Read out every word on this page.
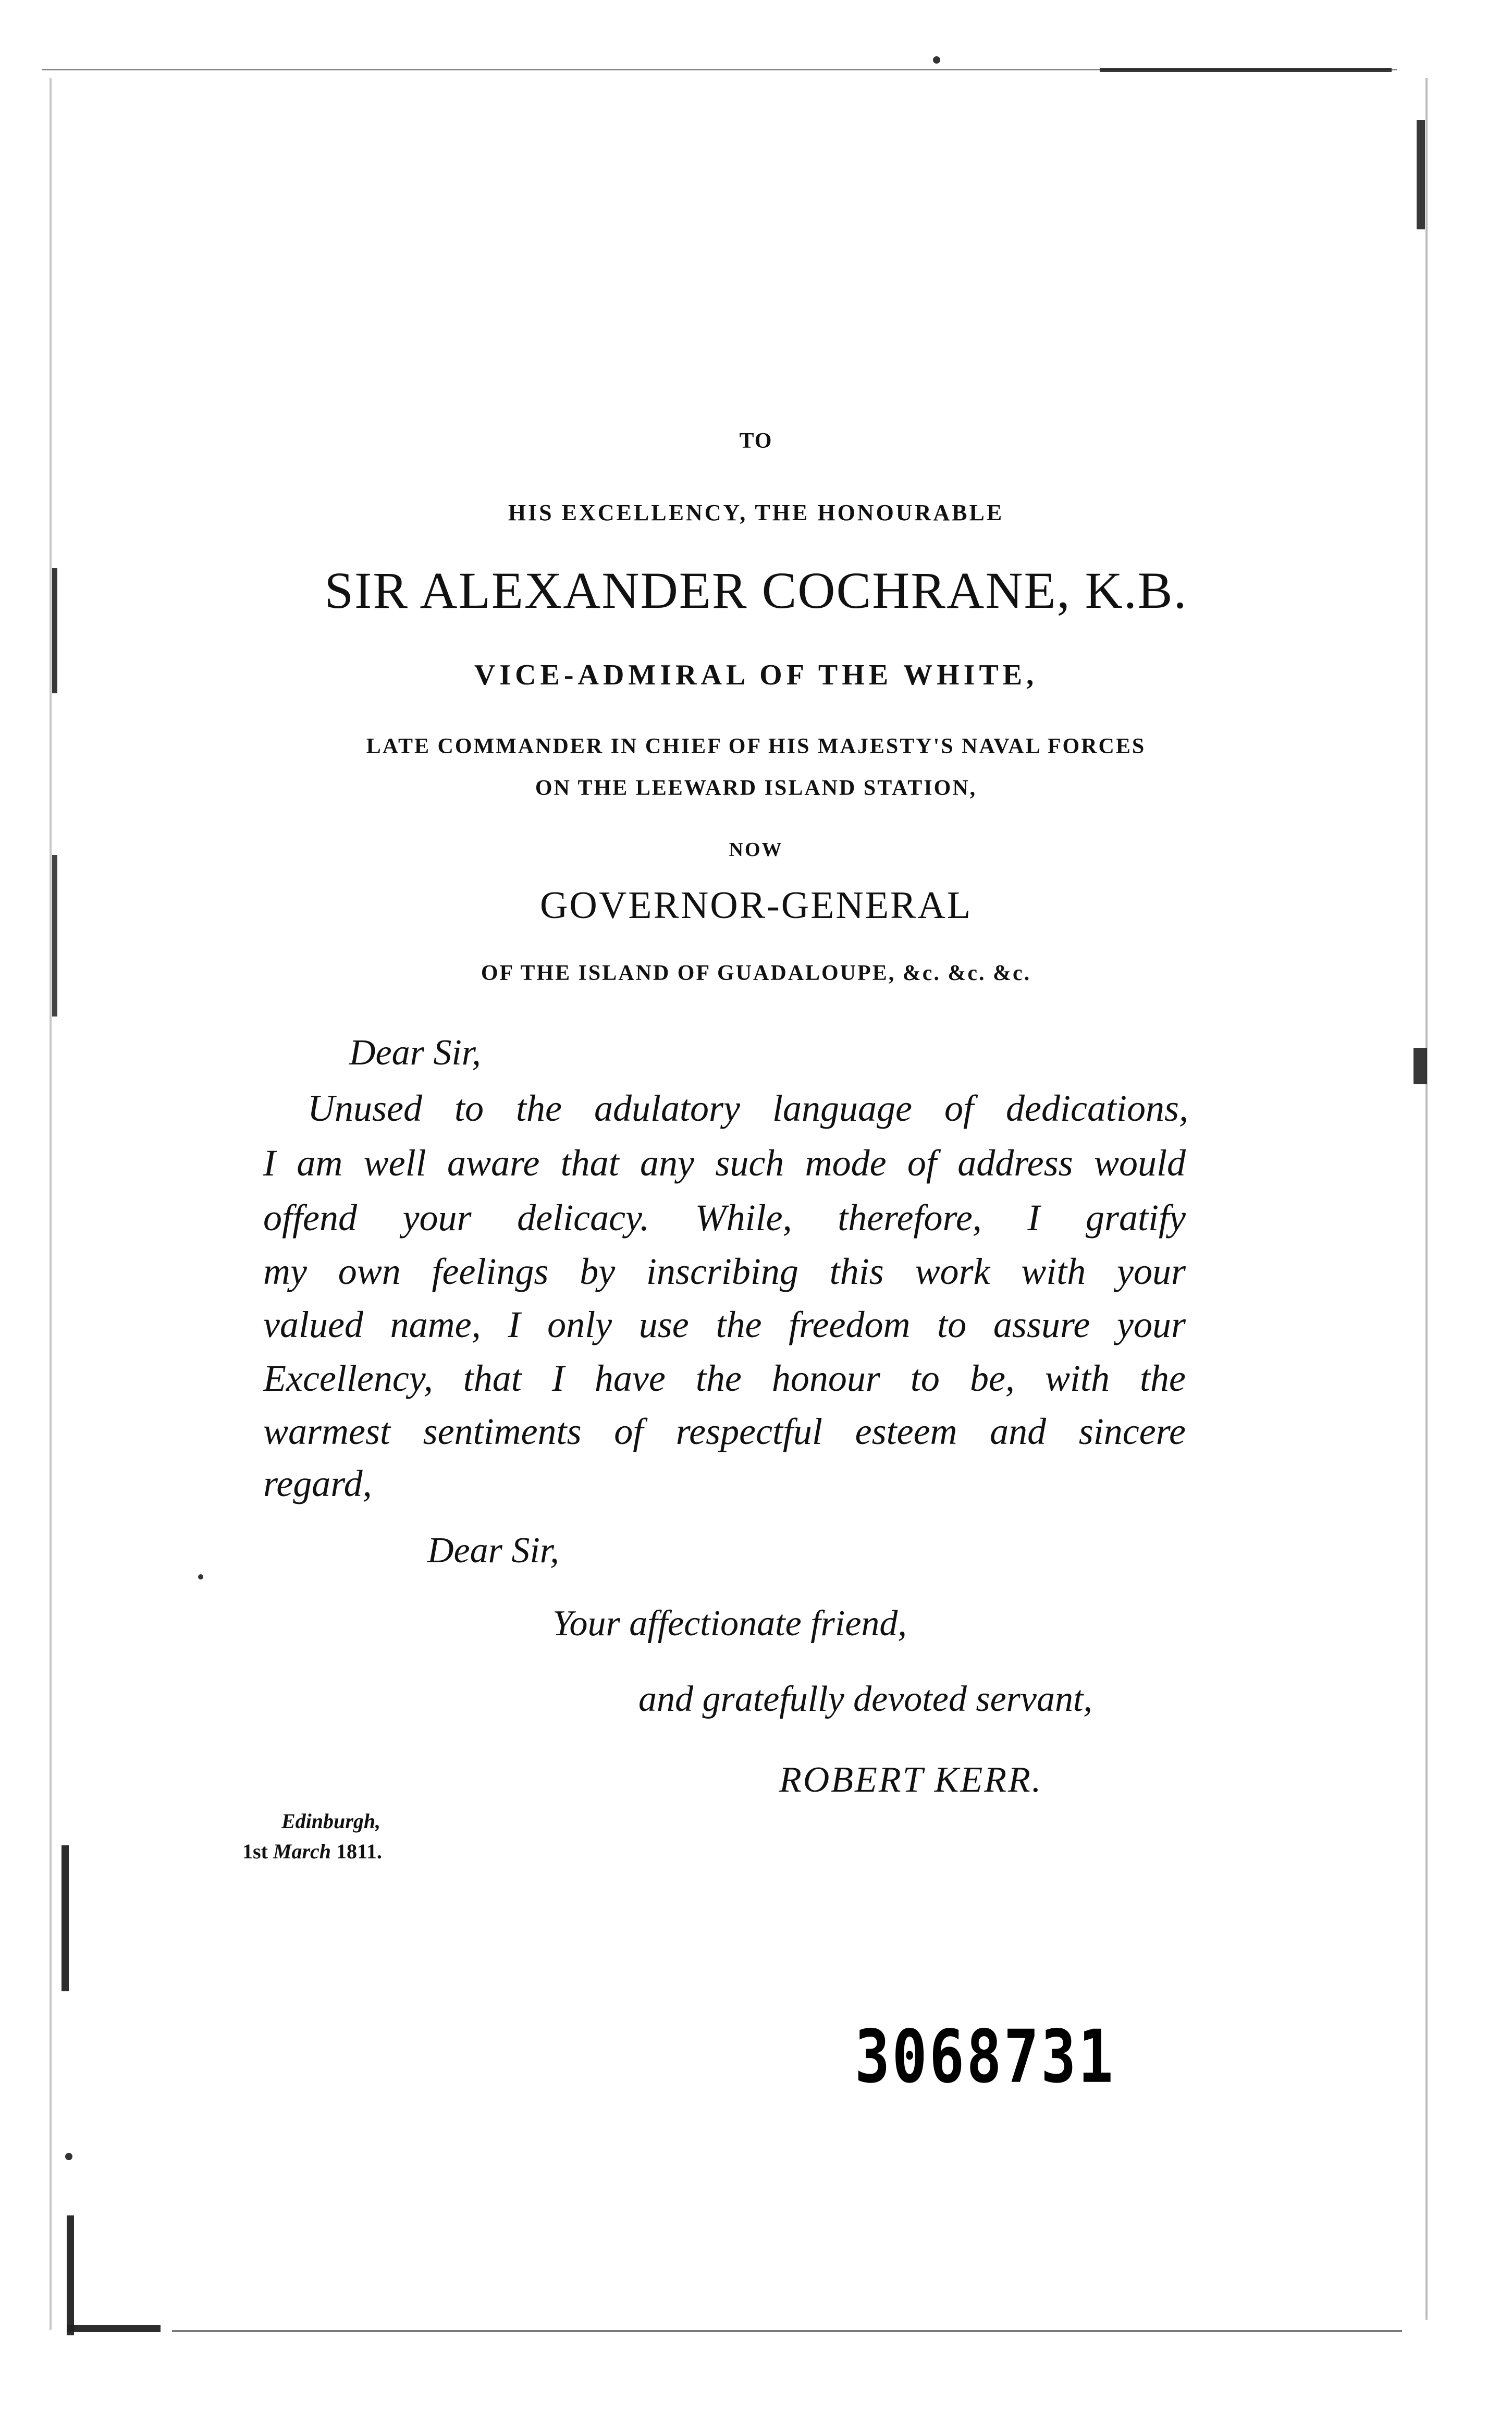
TO
HIS EXCELLENCY, THE HONOURABLE
SIR ALEXANDER COCHRANE, K.B.
VICE-ADMIRAL OF THE WHITE,
LATE COMMANDER IN CHIEF OF HIS MAJESTY'S NAVAL FORCES
ON THE LEEWARD ISLAND STATION,
NOW
GOVERNOR-GENERAL
OF THE ISLAND OF GUADALOUPE, &c. &c. &c.
Dear Sir,
Unused to the adulatory language of dedications,
I am well aware that any such mode of address would
offend your delicacy. While, therefore, I gratify
my own feelings by inscribing this work with your
valued name, I only use the freedom to assure your
Excellency, that I have the honour to be, with the
warmest sentiments of respectful esteem and sincere
regard,
Dear Sir,
Your affectionate friend,
and gratefully devoted servant,
ROBERT KERR.
Edinburgh,
1st March 1811.
3068731
